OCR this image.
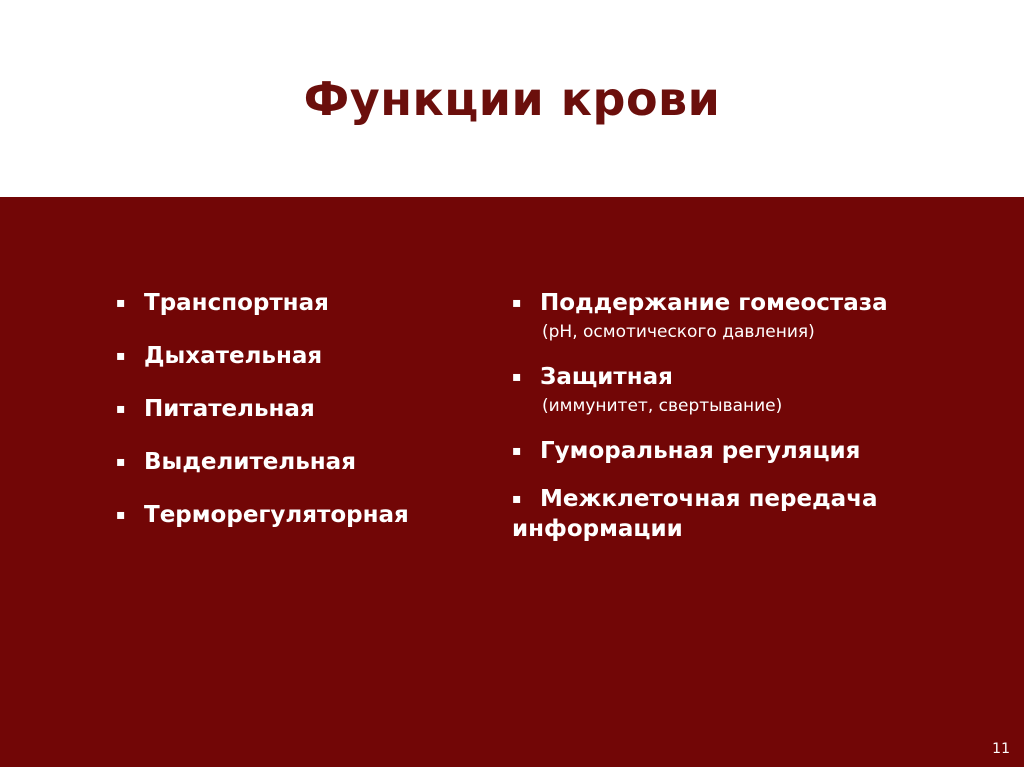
Функции крови
▪ Транспортная
▪ Дыхательная
▪ Питательная
▪ Выделительная
▪ Терморегуляторная
▪ Поддержание гомеостаза
(pH, осмотического давления)
▪ Защитная
(иммунитет, свертывание)
▪ Гуморальная регуляция
▪ Межклеточная передача
информации
11
